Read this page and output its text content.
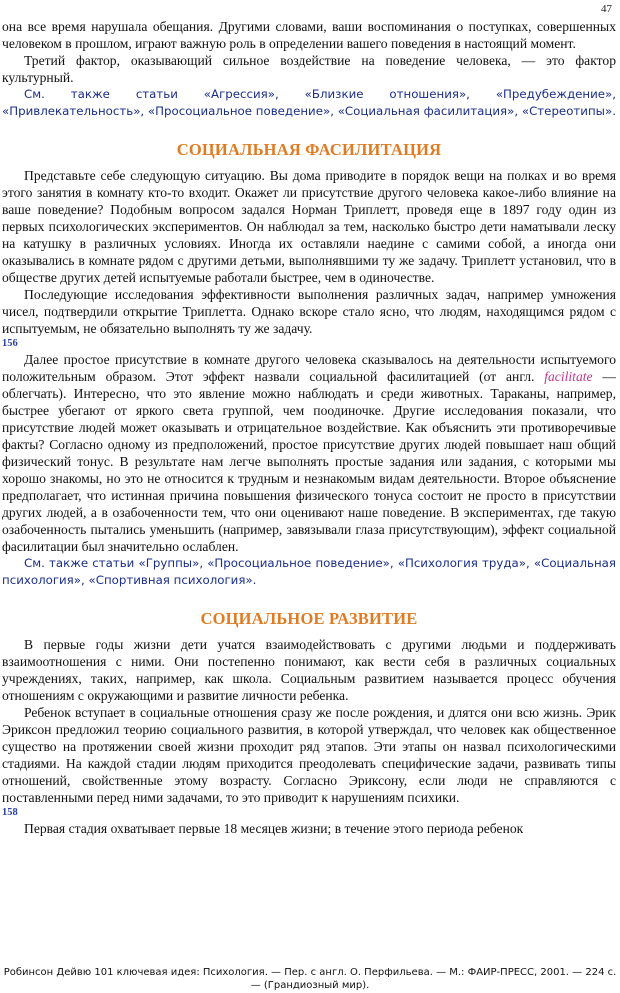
47

она все время нарушала обещания. Другими словами, ваши воспоминания о поступках, совершенных человеком в прошлом, играют важную роль в определении вашего поведения в настоящий момент.

Третий фактор, оказывающий сильное воздействие на поведение человека, — это фактор культурный.

См. также статьи «Агрессия», «Близкие отношения», «Предубеждение», «Привлекательность», «Просоциальное поведение», «Социальная фасилитация», «Стереотипы».

СОЦИАЛЬНАЯ ФАСИЛИТАЦИЯ

Представьте себе следующую ситуацию. Вы дома приводите в порядок вещи на полках и во время этого занятия в комнату кто-то входит. Окажет ли присутствие другого человека какое-либо влияние на ваше поведение? Подобным вопросом задался Норман Триплетт, проведя еще в 1897 году один из первых психологических экспериментов. Он наблюдал за тем, насколько быстро дети наматывали леску на катушку в различных условиях. Иногда их оставляли наедине с самими собой, а иногда они оказывались в комнате рядом с другими детьми, выполнявшими ту же задачу. Триплетт установил, что в обществе других детей испытуемые работали быстрее, чем в одиночестве.

Последующие исследования эффективности выполнения различных задач, например умножения чисел, подтвердили открытие Триплетта. Однако вскоре стало ясно, что людям, находящимся рядом с испытуемым, не обязательно выполнять ту же задачу.

156

Далее простое присутствие в комнате другого человека сказывалось на деятельности испытуемого положительным образом. Этот эффект назвали социальной фасилитацией (от англ. facilitate — облегчать). Интересно, что это явление можно наблюдать и среди животных. Тараканы, например, быстрее убегают от яркого света группой, чем поодиночке. Другие исследования показали, что присутствие людей может оказывать и отрицательное воздействие. Как объяснить эти противоречивые факты? Согласно одному из предположений, простое присутствие других людей повышает наш общий физический тонус. В результате нам легче выполнять простые задания или задания, с которыми мы хорошо знакомы, но это не относится к трудным и незнакомым видам деятельности. Второе объяснение предполагает, что истинная причина повышения физического тонуса состоит не просто в присутствии других людей, а в озабоченности тем, что они оценивают наше поведение. В экспериментах, где такую озабоченность пытались уменьшить (например, завязывали глаза присутствующим), эффект социальной фасилитации был значительно ослаблен.

См. также статьи «Группы», «Просоциальное поведение», «Психология труда», «Социальная психология», «Спортивная психология».

СОЦИАЛЬНОЕ РАЗВИТИЕ

В первые годы жизни дети учатся взаимодействовать с другими людьми и поддерживать взаимоотношения с ними. Они постепенно понимают, как вести себя в различных социальных учреждениях, таких, например, как школа. Социальным развитием называется процесс обучения отношениям с окружающими и развитие личности ребенка.

Ребенок вступает в социальные отношения сразу же после рождения, и длятся они всю жизнь. Эрик Эриксон предложил теорию социального развития, в которой утверждал, что человек как общественное существо на протяжении своей жизни проходит ряд этапов. Эти этапы он назвал психологическими стадиями. На каждой стадии людям приходится преодолевать специфические задачи, развивать типы отношений, свойственные этому возрасту. Согласно Эриксону, если люди не справляются с поставленными перед ними задачами, то это приводит к нарушениям психики.

158

Первая стадия охватывает первые 18 месяцев жизни; в течение этого периода ребенок

Робинсон Дейвю 101 ключевая идея: Психология. — Пер. с англ. О. Перфильева. — М.: ФАИР-ПРЕСС, 2001. — 224 с. — (Грандиозный мир).
